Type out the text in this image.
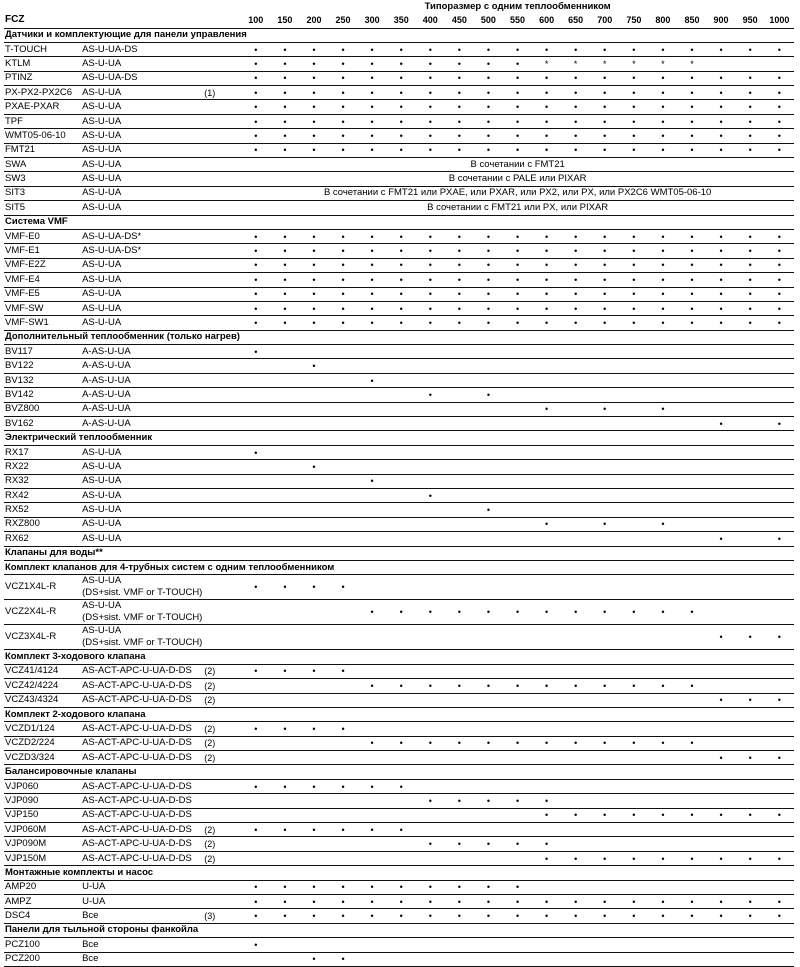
			Типоразмер с одним теплообменником																		
FCZ			100	150	200	250	300	350	400	450	500	550	600	650	700	750	800	850	900	950	1000
Датчики и комплектующие для панели управления																					
T-TOUCH	AS-U-UA-DS		•	•	•	•	•	•	•	•	•	•	•	•	•	•	•	•	•	•	•
KTLM	AS-U-UA		•	•	•	•	•	•	•	•	•	•	*	*	*	*	*	*			
PTINZ	AS-U-UA-DS		•	•	•	•	•	•	•	•	•	•	•	•	•	•	•	•	•	•	•
PX-PX2-PX2C6	AS-U-UA	(1)	•	•	•	•	•	•	•	•	•	•	•	•	•	•	•	•	•	•	•
PXAE-PXAR	AS-U-UA		•	•	•	•	•	•	•	•	•	•	•	•	•	•	•	•	•	•	•
TPF	AS-U-UA		•	•	•	•	•	•	•	•	•	•	•	•	•	•	•	•	•	•	•
WMT05-06-10	AS-U-UA		•	•	•	•	•	•	•	•	•	•	•	•	•	•	•	•	•	•	•
FMT21	AS-U-UA		•	•	•	•	•	•	•	•	•	•	•	•	•	•	•	•	•	•	•
SWA	AS-U-UA		В сочетании с FMT21																		
SW3	AS-U-UA		В сочетании с PALE или PIXAR																		
SIT3	AS-U-UA		В сочетании с FMT21 или PXAE, или PXAR, или PX2, или PX, или PX2C6 WMT05-06-10																		
SIT5	AS-U-UA		В сочетании с FMT21 или PX, или PIXAR																		
Система VMF																					
VMF-E0	AS-U-UA-DS*		•	•	•	•	•	•	•	•	•	•	•	•	•	•	•	•	•	•	•
VMF-E1	AS-U-UA-DS*		•	•	•	•	•	•	•	•	•	•	•	•	•	•	•	•	•	•	•
VMF-E2Z	AS-U-UA		•	•	•	•	•	•	•	•	•	•	•	•	•	•	•	•	•	•	•
VMF-E4	AS-U-UA		•	•	•	•	•	•	•	•	•	•	•	•	•	•	•	•	•	•	•
VMF-E5	AS-U-UA		•	•	•	•	•	•	•	•	•	•	•	•	•	•	•	•	•	•	•
VMF-SW	AS-U-UA		•	•	•	•	•	•	•	•	•	•	•	•	•	•	•	•	•	•	•
VMF-SW1	AS-U-UA		•	•	•	•	•	•	•	•	•	•	•	•	•	•	•	•	•	•	•
Дополнительный теплообменник (только нагрев)																					
BV117	A-AS-U-UA		•																		
BV122	A-AS-U-UA				•																
BV132	A-AS-U-UA						•														
BV142	A-AS-U-UA								•		•										
BVZ800	A-AS-U-UA												•		•		•				
BV162	A-AS-U-UA																		•		•
Электрический теплообменник																					
RX17	AS-U-UA		•																		
RX22	AS-U-UA				•																
RX32	AS-U-UA						•														
RX42	AS-U-UA								•												
RX52	AS-U-UA										•										
RXZ800	AS-U-UA												•		•		•				
RX62	AS-U-UA																		•		•
Клапаны для воды**																					
Комплект клапанов для 4-трубных систем с одним теплообменником																					
VCZ1X4L-R	AS-U-UA
(DS+sist. VMF or T-TOUCH)		•	•	•	•															
VCZ2X4L-R	AS-U-UA
(DS+sist. VMF or T-TOUCH)						•	•	•	•	•	•	•	•	•	•	•	•			
VCZ3X4L-R	AS-U-UA
(DS+sist. VMF or T-TOUCH)																		•	•	•
Комплект 3-ходового клапана																					
VCZ41/4124	AS-ACT-APC-U-UA-D-DS	(2)	•	•	•	•															
VCZ42/4224	AS-ACT-APC-U-UA-D-DS	(2)					•	•	•	•	•	•	•	•	•	•	•	•			
VCZ43/4324	AS-ACT-APC-U-UA-D-DS	(2)																	•	•	•
Комплект 2-ходового клапана																					
VCZD1/124	AS-ACT-APC-U-UA-D-DS	(2)	•	•	•	•															
VCZD2/224	AS-ACT-APC-U-UA-D-DS	(2)					•	•	•	•	•	•	•	•	•	•	•	•			
VCZD3/324	AS-ACT-APC-U-UA-D-DS	(2)																	•	•	•
Балансировочные клапаны																					
VJP060	AS-ACT-APC-U-UA-D-DS		•	•	•	•	•	•													
VJP090	AS-ACT-APC-U-UA-D-DS								•	•	•	•	•								
VJP150	AS-ACT-APC-U-UA-D-DS												•	•	•	•	•	•	•	•	•
VJP060M	AS-ACT-APC-U-UA-D-DS	(2)	•	•	•	•	•	•													
VJP090M	AS-ACT-APC-U-UA-D-DS	(2)							•	•	•	•	•								
VJP150M	AS-ACT-APC-U-UA-D-DS	(2)											•	•	•	•	•	•	•	•	•
Монтажные комплекты и насос																					
AMP20	U-UA		•	•	•	•	•	•	•	•	•	•									
AMPZ	U-UA		•	•	•	•	•	•	•	•	•	•	•	•	•	•	•	•	•	•	•
DSC4	Все	(3)	•	•	•	•	•	•	•	•	•	•	•	•	•	•	•	•	•	•	•
Панели для тыльной стороны фанкойла																					
PCZ100	Все		•																		
PCZ200	Все				•	•															
